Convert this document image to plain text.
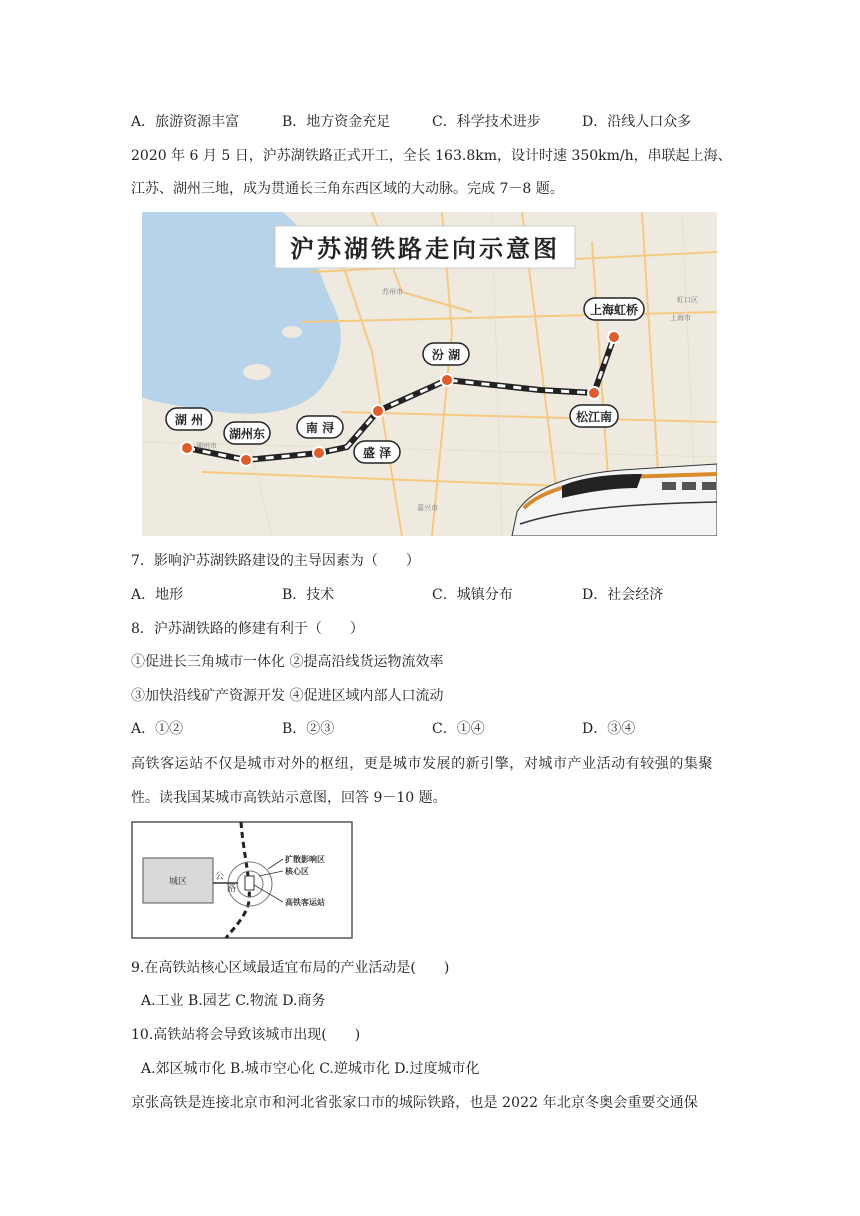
A．旅游资源丰富	B．地方资金充足	C．科学技术进步	D．沿线人口众多
2020 年 6 月 5 日，沪苏湖铁路正式开工，全长 163.8km，设计时速 350km/h，串联起上海、
江苏、湖州三地，成为贯通长三角东西区域的大动脉。完成 7－8 题。
苏州市
上海市
虹口区
湖州市
嘉兴市
沪苏湖铁路走向示意图
湖 州
湖州东	南 浔
盛 泽
汾 湖
松江南
上海虹桥
7．影响沪苏湖铁路建设的主导因素为（　　）
A．地形	B．技术	C．城镇分布	D．社会经济
8．沪苏湖铁路的修建有利于（　　）
①促进长三角城市一体化 ②提高沿线货运物流效率
③加快沿线矿产资源开发 ④促进区域内部人口流动
A．①②	B．②③	C．①④	D．③④
高铁客运站不仅是城市对外的枢纽，更是城市发展的新引擎，对城市产业活动有较强的集聚
性。读我国某城市高铁站示意图，回答 9－10 题。
城区	公
路
扩散影响区
核心区
高铁客运站
9.在高铁站核心区域最适宜布局的产业活动是(　　)
A.工业 B.园艺 C.物流 D.商务
10.高铁站将会导致该城市出现(　　)
A.郊区城市化 B.城市空心化 C.逆城市化 D.过度城市化
京张高铁是连接北京市和河北省张家口市的城际铁路，也是 2022 年北京冬奥会重要交通保
